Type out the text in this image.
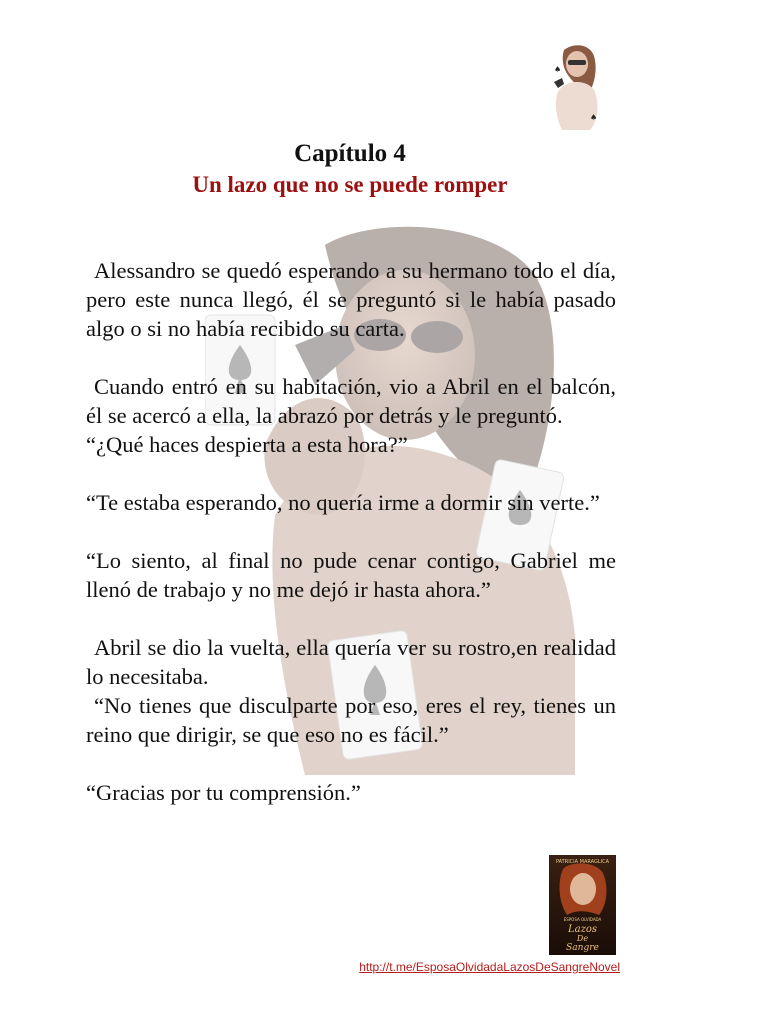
♠
♠
Capítulo 4
Un lazo que no se puede romper

Alessandro se quedó esperando a su hermano todo el día, pero este nunca llegó, él se preguntó si le había pasado algo o si no había recibido su carta.

Cuando entró en su habitación, vio a Abril en el balcón, él se acercó a ella, la abrazó por detrás y le preguntó.

“¿Qué haces despierta a esta hora?”

“Te estaba esperando, no quería irme a dormir sin verte.”

“Lo siento, al final no pude cenar contigo, Gabriel me llenó de trabajo y no me dejó ir hasta ahora.”

Abril se dio la vuelta, ella quería ver su rostro,en realidad lo necesitaba.

“No tienes que disculparte por eso, eres el rey, tienes un reino que dirigir, se que eso no es fácil.”

“Gracias por tu comprensión.”

PATRICIA MARAGLICA
ESPOSA OLVIDADA
Lazos
De
Sangre
http://t.me/EsposaOlvidadaLazosDeSangreNovel
